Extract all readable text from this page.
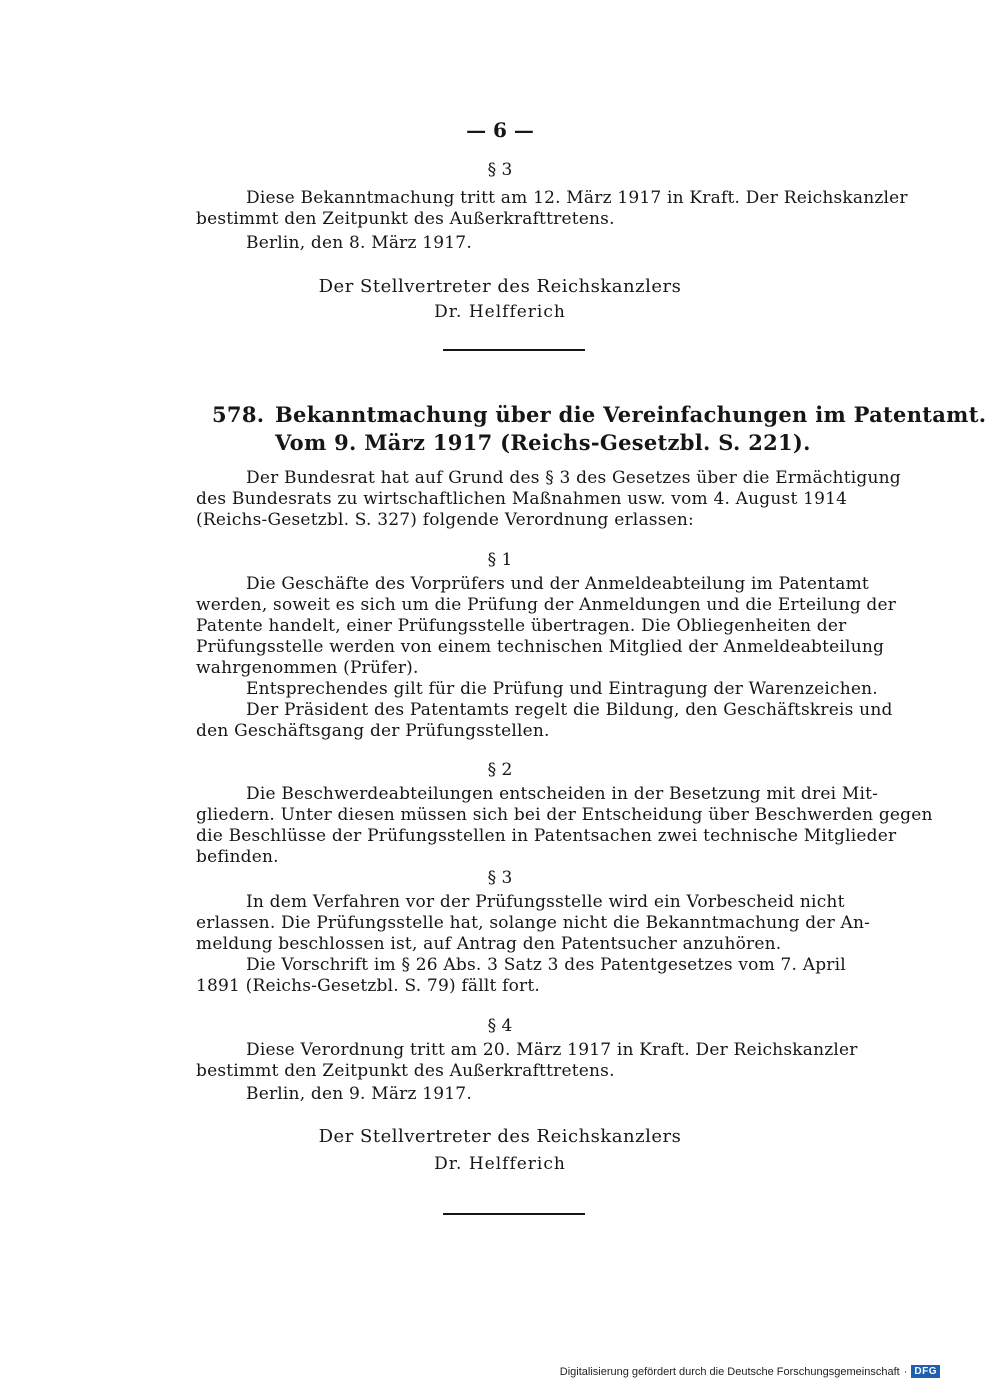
— 6 —
§ 3
Diese Bekanntmachung tritt am 12. März 1917 in Kraft. Der Reichskanzler
bestimmt den Zeitpunkt des Außerkrafttretens.
Berlin, den 8. März 1917.
Der Stellvertreter des Reichskanzlers
Dr. Helfferich
578. Bekanntmachung über die Vereinfachungen im Patentamt.
Vom 9. März 1917 (Reichs-Gesetzbl. S. 221).
Der Bundesrat hat auf Grund des § 3 des Gesetzes über die Ermächtigung
des Bundesrats zu wirtschaftlichen Maßnahmen usw. vom 4. August 1914
(Reichs-Gesetzbl. S. 327) folgende Verordnung erlassen:
§ 1
Die Geschäfte des Vorprüfers und der Anmeldeabteilung im Patentamt
werden, soweit es sich um die Prüfung der Anmeldungen und die Erteilung der
Patente handelt, einer Prüfungsstelle übertragen. Die Obliegenheiten der
Prüfungsstelle werden von einem technischen Mitglied der Anmeldeabteilung
wahrgenommen (Prüfer).
Entsprechendes gilt für die Prüfung und Eintragung der Warenzeichen.
Der Präsident des Patentamts regelt die Bildung, den Geschäftskreis und
den Geschäftsgang der Prüfungsstellen.
§ 2
Die Beschwerdeabteilungen entscheiden in der Besetzung mit drei Mit-
gliedern. Unter diesen müssen sich bei der Entscheidung über Beschwerden gegen
die Beschlüsse der Prüfungsstellen in Patentsachen zwei technische Mitglieder
befinden.
§ 3
In dem Verfahren vor der Prüfungsstelle wird ein Vorbescheid nicht
erlassen. Die Prüfungsstelle hat, solange nicht die Bekanntmachung der An-
meldung beschlossen ist, auf Antrag den Patentsucher anzuhören.
Die Vorschrift im § 26 Abs. 3 Satz 3 des Patentgesetzes vom 7. April
1891 (Reichs-Gesetzbl. S. 79) fällt fort.
§ 4
Diese Verordnung tritt am 20. März 1917 in Kraft. Der Reichskanzler
bestimmt den Zeitpunkt des Außerkrafttretens.
Berlin, den 9. März 1917.
Der Stellvertreter des Reichskanzlers
Dr. Helfferich
Digitalisierung gefördert durch die Deutsche Forschungsgemeinschaft · DFG
